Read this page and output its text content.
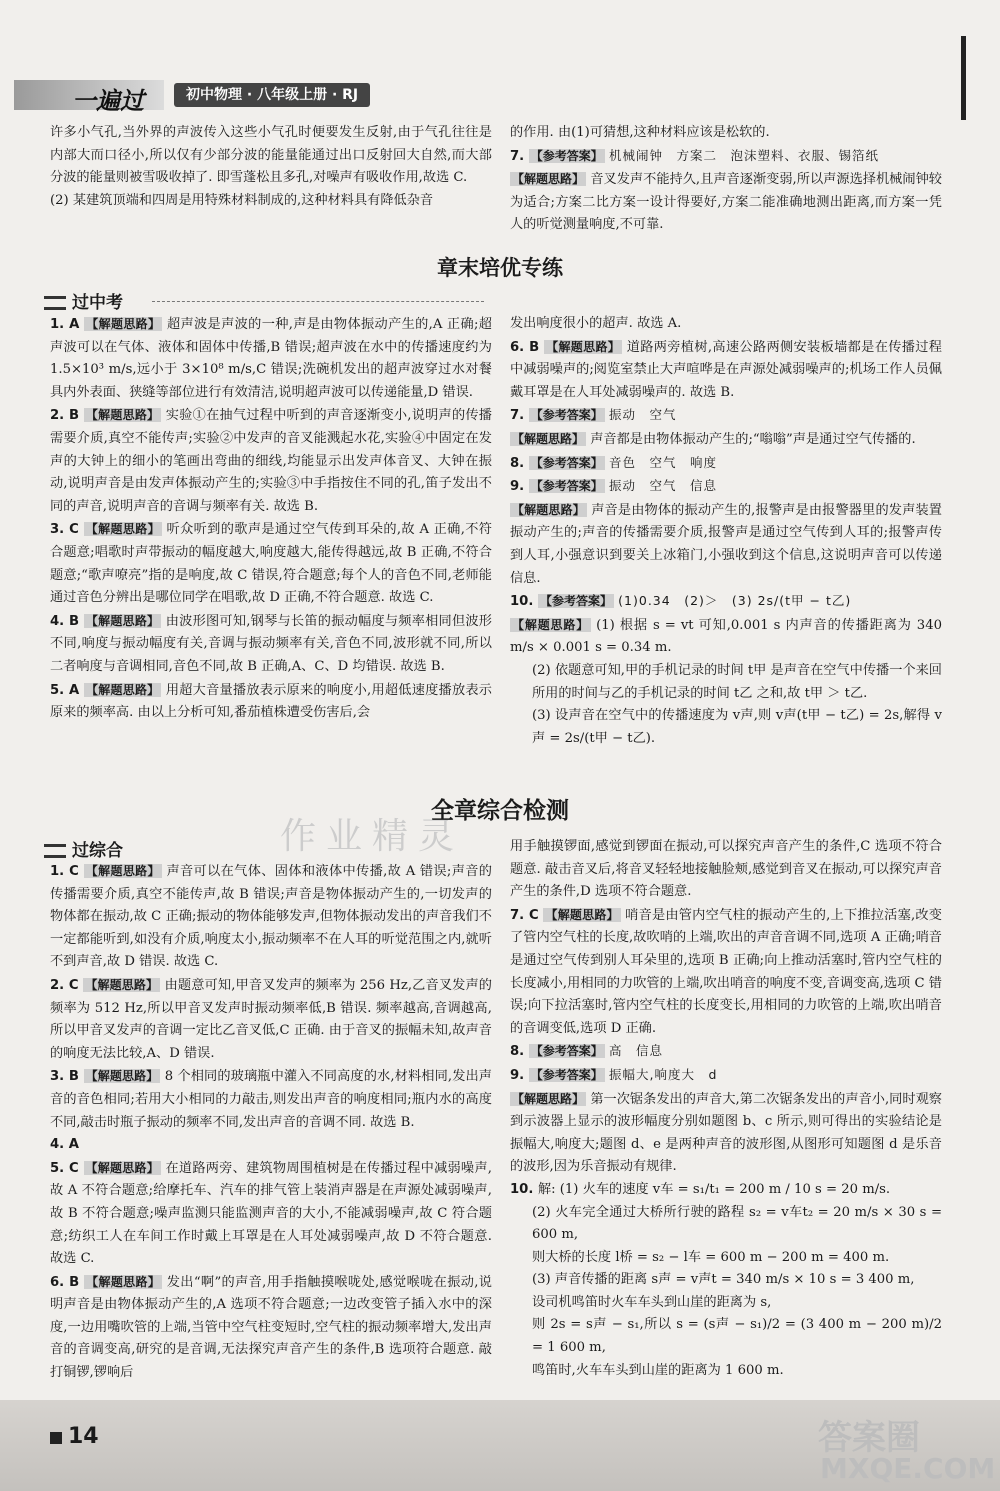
一遍过	初中物理 · 八年级上册 · RJ

许多小气孔,当外界的声波传入这些小气孔时便要发生反射,由于气孔往往是内部大而口径小,所以仅有少部分波的能量能通过出口反射回大自然,而大部分波的能量则被雪吸收掉了. 即雪蓬松且多孔,对噪声有吸收作用,故选 C.

(2) 某建筑顶端和四周是用特殊材料制成的,这种材料具有降低杂音

的作用. 由(1)可猜想,这种材料应该是松软的.

7. 【参考答案】 机械闹钟　方案二　泡沫塑料、衣服、锡箔纸

【解题思路】 音叉发声不能持久,且声音逐渐变弱,所以声源选择机械闹钟较为适合;方案二比方案一设计得要好,方案二能准确地测出距离,而方案一凭人的听觉测量响度,不可靠.

章末培优专练
过中考

1. A 【解题思路】 超声波是声波的一种,声是由物体振动产生的,A 正确;超声波可以在气体、液体和固体中传播,B 错误;超声波在水中的传播速度约为 1.5×10³ m/s,远小于 3×10⁸ m/s,C 错误;洗碗机发出的超声波穿过水对餐具内外表面、狭缝等部位进行有效清洁,说明超声波可以传递能量,D 错误.

2. B 【解题思路】 实验①在抽气过程中听到的声音逐渐变小,说明声的传播需要介质,真空不能传声;实验②中发声的音叉能溅起水花,实验④中固定在发声的大钟上的细小的笔画出弯曲的细线,均能显示出发声体音叉、大钟在振动,说明声音是由发声体振动产生的;实验③中手指按住不同的孔,笛子发出不同的声音,说明声音的音调与频率有关. 故选 B.

3. C 【解题思路】 听众听到的歌声是通过空气传到耳朵的,故 A 正确,不符合题意;唱歌时声带振动的幅度越大,响度越大,能传得越远,故 B 正确,不符合题意;“歌声嘹亮”指的是响度,故 C 错误,符合题意;每个人的音色不同,老师能通过音色分辨出是哪位同学在唱歌,故 D 正确,不符合题意. 故选 C.

4. B 【解题思路】 由波形图可知,钢琴与长笛的振动幅度与频率相同但波形不同,响度与振动幅度有关,音调与振动频率有关,音色不同,波形就不同,所以二者响度与音调相同,音色不同,故 B 正确,A、C、D 均错误. 故选 B.

5. A 【解题思路】 用超大音量播放表示原来的响度小,用超低速度播放表示原来的频率高. 由以上分析可知,番茄植株遭受伤害后,会

发出响度很小的超声. 故选 A.

6. B 【解题思路】 道路两旁植树,高速公路两侧安装板墙都是在传播过程中减弱噪声的;阅览室禁止大声喧哗是在声源处减弱噪声的;机场工作人员佩戴耳罩是在人耳处减弱噪声的. 故选 B.

7. 【参考答案】 振动　空气

【解题思路】 声音都是由物体振动产生的;“嗡嗡”声是通过空气传播的.

8. 【参考答案】 音色　空气　响度

9. 【参考答案】 振动　空气　信息

【解题思路】 声音是由物体的振动产生的,报警声是由报警器里的发声装置振动产生的;声音的传播需要介质,报警声是通过空气传到人耳的;报警声传到人耳,小强意识到要关上冰箱门,小强收到这个信息,这说明声音可以传递信息.

10. 【参考答案】 (1)0.34　(2)＞　(3) 2s/(t甲 − t乙)

【解题思路】 (1) 根据 s = vt 可知,0.001 s 内声音的传播距离为 340 m/s × 0.001 s = 0.34 m.

(2) 依题意可知,甲的手机记录的时间 t甲 是声音在空气中传播一个来回所用的时间与乙的手机记录的时间 t乙 之和,故 t甲 ＞ t乙.

(3) 设声音在空气中的传播速度为 v声,则 v声(t甲 − t乙) = 2s,解得 v声 = 2s/(t甲 − t乙).

作业精灵
全章综合检测
过综合

1. C 【解题思路】 声音可以在气体、固体和液体中传播,故 A 错误;声音的传播需要介质,真空不能传声,故 B 错误;声音是物体振动产生的,一切发声的物体都在振动,故 C 正确;振动的物体能够发声,但物体振动发出的声音我们不一定都能听到,如没有介质,响度太小,振动频率不在人耳的听觉范围之内,就听不到声音,故 D 错误. 故选 C.

2. C 【解题思路】 由题意可知,甲音叉发声的频率为 256 Hz,乙音叉发声的频率为 512 Hz,所以甲音叉发声时振动频率低,B 错误. 频率越高,音调越高,所以甲音叉发声的音调一定比乙音叉低,C 正确. 由于音叉的振幅未知,故声音的响度无法比较,A、D 错误.

3. B 【解题思路】 8 个相同的玻璃瓶中灌入不同高度的水,材料相同,发出声音的音色相同;若用大小相同的力敲击,则发出声音的响度相同;瓶内水的高度不同,敲击时瓶子振动的频率不同,发出声音的音调不同. 故选 B.

4. A

5. C 【解题思路】 在道路两旁、建筑物周围植树是在传播过程中减弱噪声,故 A 不符合题意;给摩托车、汽车的排气管上装消声器是在声源处减弱噪声,故 B 不符合题意;噪声监测只能监测声音的大小,不能减弱噪声,故 C 符合题意;纺织工人在车间工作时戴上耳罩是在人耳处减弱噪声,故 D 不符合题意. 故选 C.

6. B 【解题思路】 发出“啊”的声音,用手指触摸喉咙处,感觉喉咙在振动,说明声音是由物体振动产生的,A 选项不符合题意;一边改变管子插入水中的深度,一边用嘴吹管的上端,当管中空气柱变短时,空气柱的振动频率增大,发出声音的音调变高,研究的是音调,无法探究声音产生的条件,B 选项符合题意. 敲打铜锣,锣响后

用手触摸锣面,感觉到锣面在振动,可以探究声音产生的条件,C 选项不符合题意. 敲击音叉后,将音叉轻轻地接触脸颊,感觉到音叉在振动,可以探究声音产生的条件,D 选项不符合题意.

7. C 【解题思路】 哨音是由管内空气柱的振动产生的,上下推拉活塞,改变了管内空气柱的长度,故吹哨的上端,吹出的声音音调不同,选项 A 正确;哨音是通过空气传到别人耳朵里的,选项 B 正确;向上推动活塞时,管内空气柱的长度减小,用相同的力吹管的上端,吹出哨音的响度不变,音调变高,选项 C 错误;向下拉活塞时,管内空气柱的长度变长,用相同的力吹管的上端,吹出哨音的音调变低,选项 D 正确.

8. 【参考答案】 高　信息

9. 【参考答案】 振幅大,响度大　d

【解题思路】 第一次锯条发出的声音大,第二次锯条发出的声音小,同时观察到示波器上显示的波形幅度分别如题图 b、c 所示,则可得出的实验结论是振幅大,响度大;题图 d、e 是两种声音的波形图,从图形可知题图 d 是乐音的波形,因为乐音振动有规律.

10. 解: (1) 火车的速度 v车 = s₁/t₁ = 200 m / 10 s = 20 m/s.

(2) 火车完全通过大桥所行驶的路程 s₂ = v车t₂ = 20 m/s × 30 s = 600 m,

则大桥的长度 l桥 = s₂ − l车 = 600 m − 200 m = 400 m.

(3) 声音传播的距离 s声 = v声t = 340 m/s × 10 s = 3 400 m,

设司机鸣笛时火车车头到山崖的距离为 s,

则 2s = s声 − s₁,所以 s = (s声 − s₁)/2 = (3 400 m − 200 m)/2 = 1 600 m,

鸣笛时,火车车头到山崖的距离为 1 600 m.

14	答案圈
MXQE.COM
